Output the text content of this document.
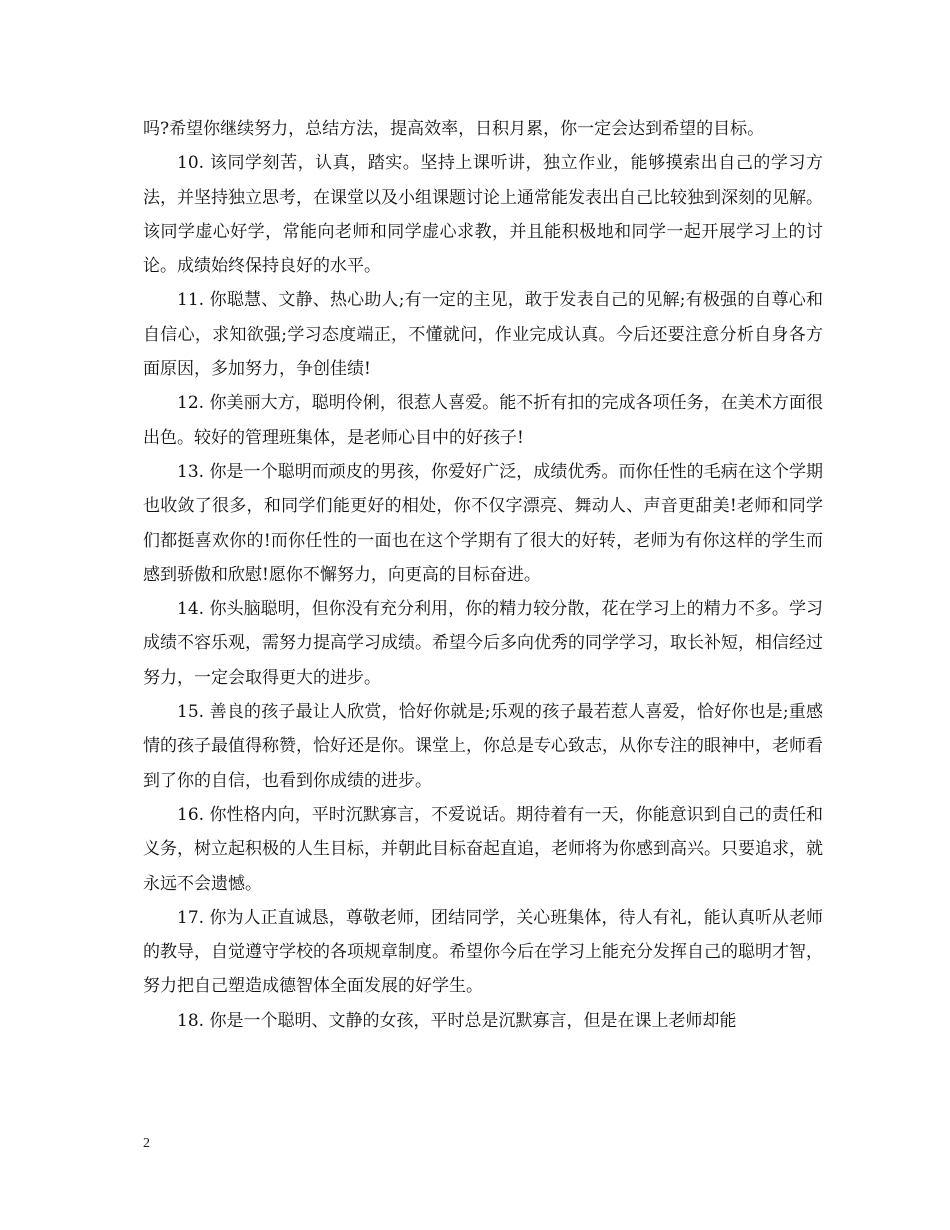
吗?希望你继续努力，总结方法，提高效率，日积月累，你一定会达到希望的目标。

10. 该同学刻苦，认真，踏实。坚持上课听讲，独立作业，能够摸索出自己的学习方法，并坚持独立思考，在课堂以及小组课题讨论上通常能发表出自己比较独到深刻的见解。该同学虚心好学，常能向老师和同学虚心求教，并且能积极地和同学一起开展学习上的讨论。成绩始终保持良好的水平。

11. 你聪慧、文静、热心助人;有一定的主见，敢于发表自己的见解;有极强的自尊心和自信心，求知欲强;学习态度端正，不懂就问，作业完成认真。今后还要注意分析自身各方面原因，多加努力，争创佳绩!

12. 你美丽大方，聪明伶俐，很惹人喜爱。能不折有扣的完成各项任务，在美术方面很出色。较好的管理班集体，是老师心目中的好孩子!

13. 你是一个聪明而顽皮的男孩，你爱好广泛，成绩优秀。而你任性的毛病在这个学期也收敛了很多，和同学们能更好的相处，你不仅字漂亮、舞动人、声音更甜美!老师和同学们都挺喜欢你的!而你任性的一面也在这个学期有了很大的好转，老师为有你这样的学生而感到骄傲和欣慰!愿你不懈努力，向更高的目标奋进。

14. 你头脑聪明，但你没有充分利用，你的精力较分散，花在学习上的精力不多。学习成绩不容乐观，需努力提高学习成绩。希望今后多向优秀的同学学习，取长补短，相信经过努力，一定会取得更大的进步。

15. 善良的孩子最让人欣赏，恰好你就是;乐观的孩子最若惹人喜爱，恰好你也是;重感情的孩子最值得称赞，恰好还是你。课堂上，你总是专心致志，从你专注的眼神中，老师看到了你的自信，也看到你成绩的进步。

16. 你性格内向，平时沉默寡言，不爱说话。期待着有一天，你能意识到自己的责任和义务，树立起积极的人生目标，并朝此目标奋起直追，老师将为你感到高兴。只要追求，就永远不会遗憾。

17. 你为人正直诚恳，尊敬老师，团结同学，关心班集体，待人有礼，能认真听从老师的教导，自觉遵守学校的各项规章制度。希望你今后在学习上能充分发挥自己的聪明才智，努力把自己塑造成德智体全面发展的好学生。

18. 你是一个聪明、文静的女孩，平时总是沉默寡言，但是在课上老师却能

2
